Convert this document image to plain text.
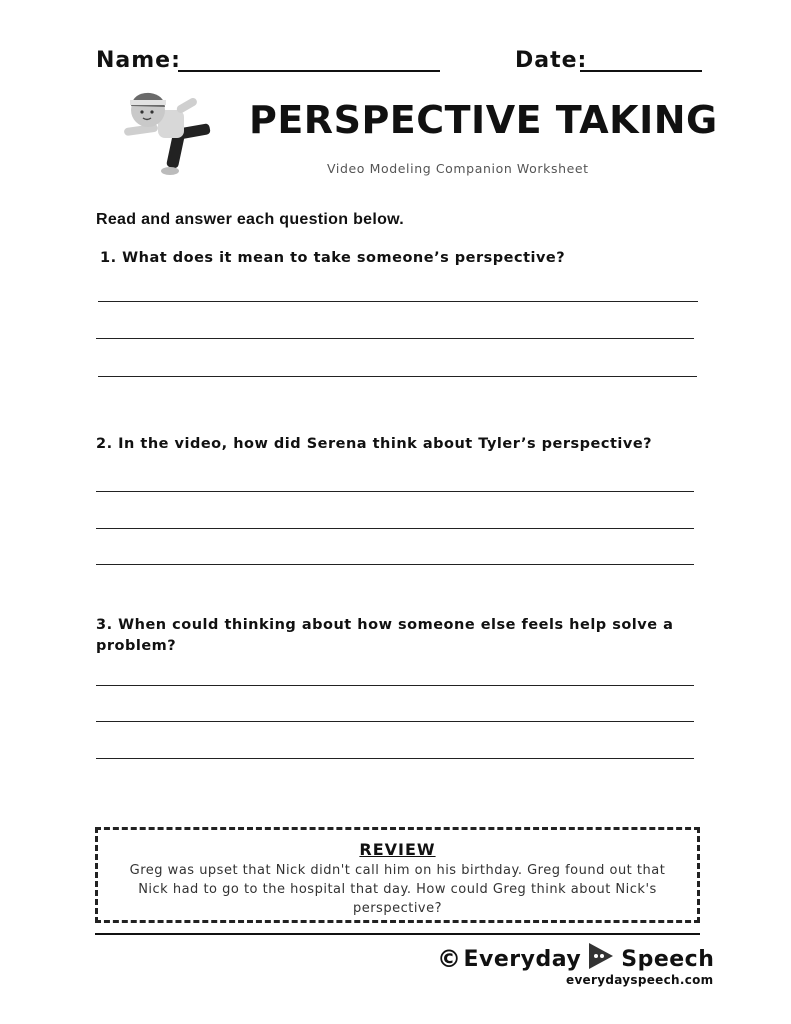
Name:	Date:
PERSPECTIVE TAKING
Video Modeling Companion Worksheet
Read and answer each question below.
1. What does it mean to take someone’s perspective?
2. In the video, how did Serena think about Tyler’s perspective?
3. When could thinking about how someone else feels help solve a problem?
REVIEW
Greg was upset that Nick didn't call him on his birthday. Greg found out that Nick had to go to the hospital that day. How could Greg think about Nick's perspective?
© Everyday Speech
everydayspeech.com
